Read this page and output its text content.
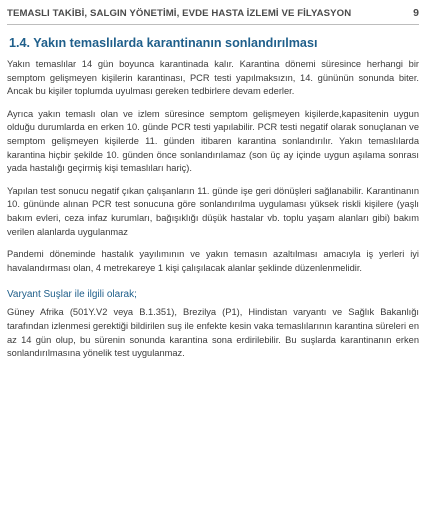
TEMASLI TAKİBİ, SALGIN YÖNETİMİ, EVDE HASTA İZLEMİ VE FİLYASYON	9
1.4. Yakın temaslılarda karantinanın sonlandırılması

Yakın temaslılar 14 gün boyunca karantinada kalır. Karantina dönemi süresince herhangi bir semptom gelişmeyen kişilerin karantinası, PCR testi yapılmaksızın, 14. gününün sonunda biter. Ancak bu kişiler toplumda uyulması gereken tedbirlere devam ederler.

Ayrıca yakın temaslı olan ve izlem süresince semptom gelişmeyen kişilerde,kapasitenin uygun olduğu durumlarda en erken 10. günde PCR testi yapılabilir. PCR testi negatif olarak sonuçlanan ve semptom gelişmeyen kişilerde 11. günden itibaren karantina sonlandırılır. Yakın temaslılarda karantina hiçbir şekilde 10. günden önce sonlandırılamaz (son üç ay içinde uygun aşılama sonrası yada hastalığı geçirmiş kişi temaslıları hariç).

Yapılan test sonucu negatif çıkan çalışanların 11. günde işe geri dönüşleri sağlanabilir. Karantinanın 10. gününde alınan PCR test sonucuna göre sonlandırılma uygulaması yüksek riskli kişilere (yaşlı bakım evleri, ceza infaz kurumları, bağışıklığı düşük hastalar vb. toplu yaşam alanları gibi) bakım verilen alanlarda uygulanmaz

Pandemi döneminde hastalık yayılımının ve yakın temasın azaltılması amacıyla iş yerleri iyi havalandırması olan, 4 metrekareye 1 kişi çalışılacak alanlar şeklinde düzenlenmelidir.

Varyant Suşlar ile ilgili olarak;

Güney Afrika (501Y.V2 veya B.1.351), Brezilya (P1), Hindistan varyantı ve Sağlık Bakanlığı tarafından izlenmesi gerektiği bildirilen suş ile enfekte kesin vaka temaslılarının karantina süreleri en az 14 gün olup, bu sürenin sonunda karantina sona erdirilebilir. Bu suşlarda karantinanın erken sonlandırılmasına yönelik test uygulanmaz.
